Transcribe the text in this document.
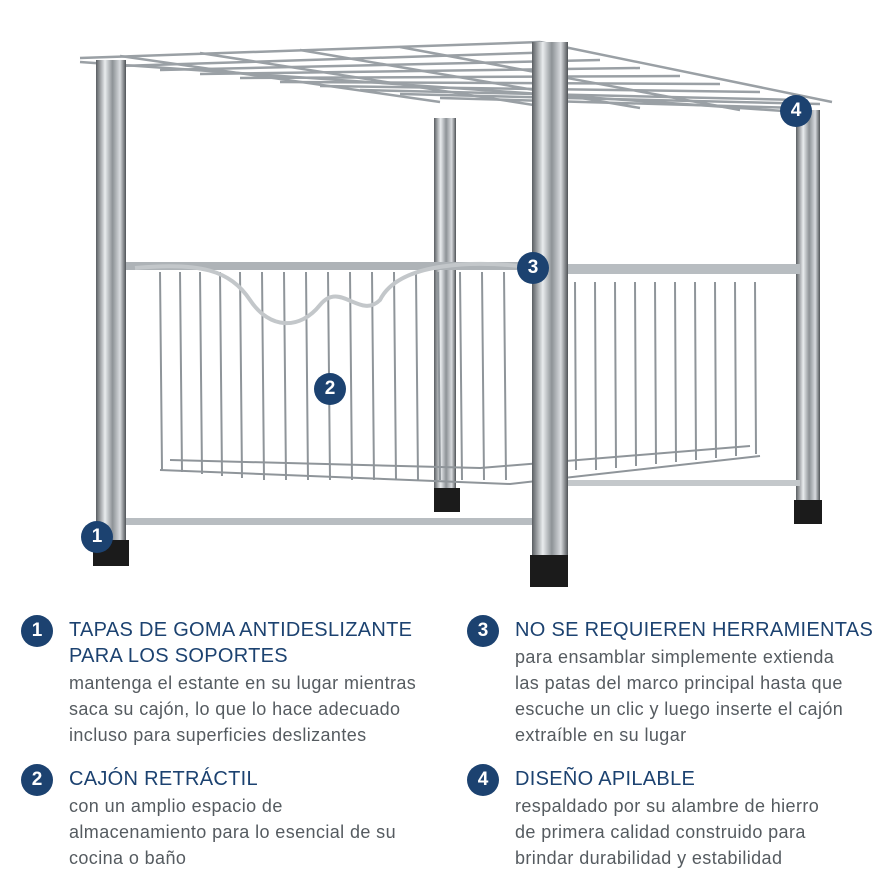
1
2
3
4
1	TAPAS DE GOMA ANTIDESLIZANTE
PARA LOS SOPORTES
mantenga el estante en su lugar mientras
saca su cajón, lo que lo hace adecuado
incluso para superficies deslizantes
2	CAJÓN RETRÁCTIL
con un amplio espacio de
almacenamiento para lo esencial de su
cocina o baño
3	NO SE REQUIEREN HERRAMIENTAS
para ensamblar simplemente extienda
las patas del marco principal hasta que
escuche un clic y luego inserte el cajón
extraíble en su lugar
4	DISEÑO APILABLE
respaldado por su alambre de hierro
de primera calidad construido para
brindar durabilidad y estabilidad
